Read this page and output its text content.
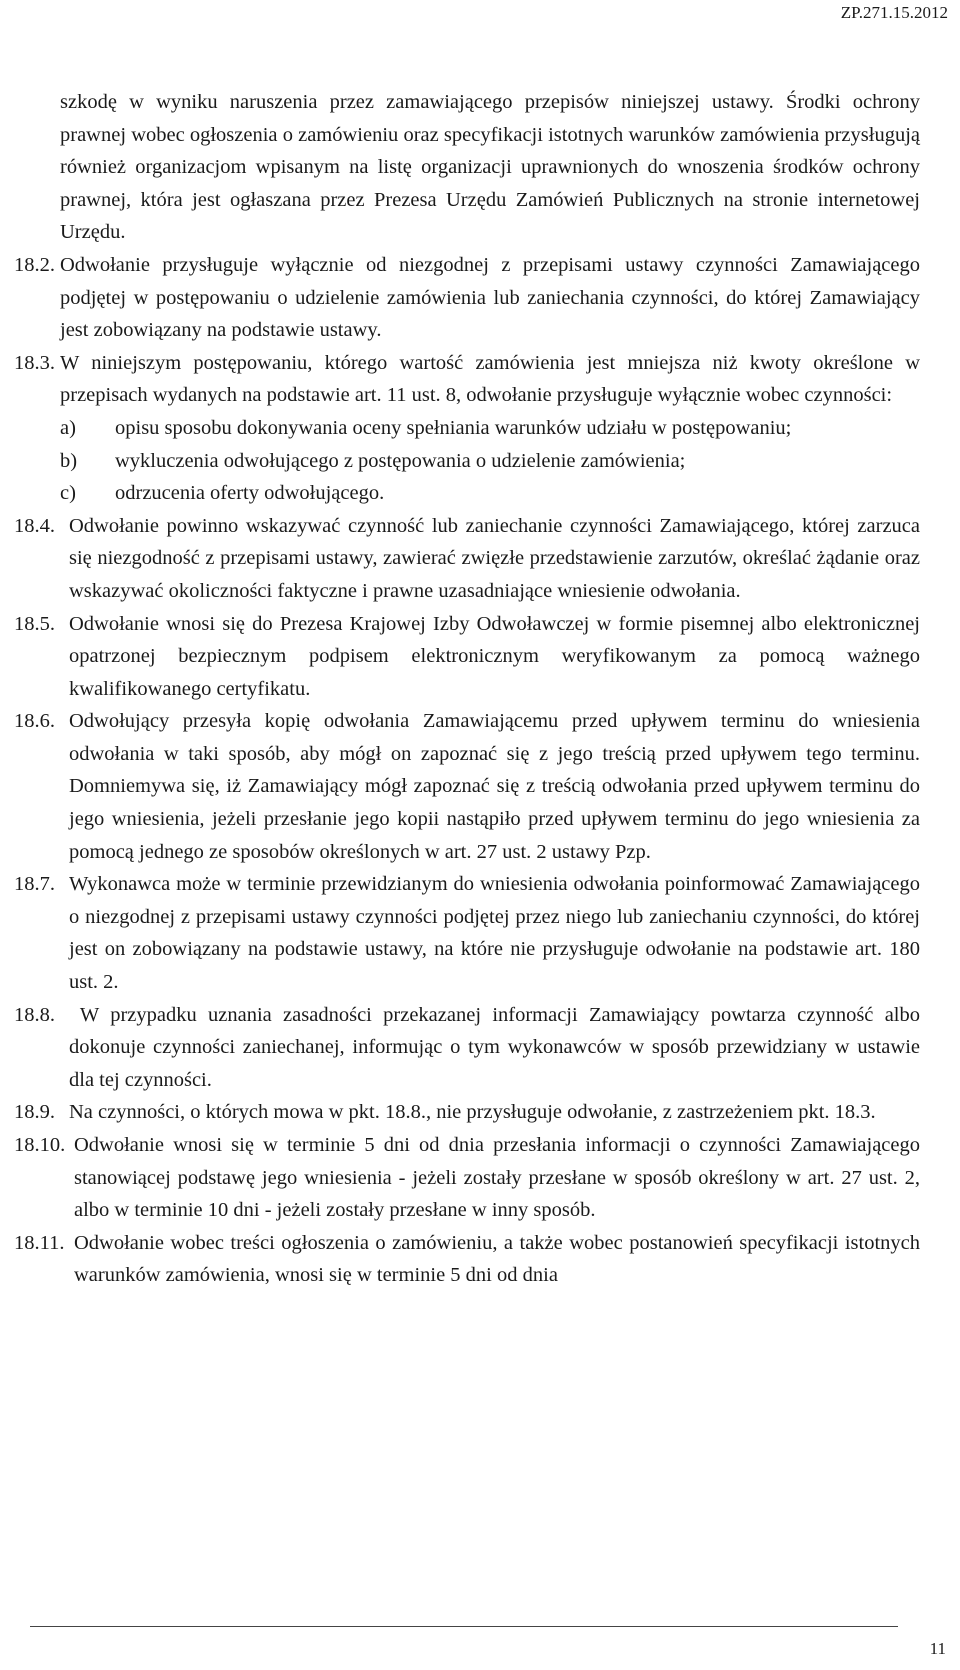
ZP.271.15.2012
szkodę w wyniku naruszenia przez zamawiającego przepisów niniejszej ustawy. Środki ochrony prawnej wobec ogłoszenia o zamówieniu oraz specyfikacji istotnych warunków zamówienia przysługują również organizacjom wpisanym na listę organizacji uprawnionych do wnoszenia środków ochrony prawnej, która jest ogłaszana przez Prezesa Urzędu Zamówień Publicznych na stronie internetowej Urzędu.
18.2. Odwołanie przysługuje wyłącznie od niezgodnej z przepisami ustawy czynności Zamawiającego podjętej w postępowaniu o udzielenie zamówienia lub zaniechania czynności, do której Zamawiający jest zobowiązany na podstawie ustawy.
18.3. W niniejszym postępowaniu, którego wartość zamówienia jest mniejsza niż kwoty określone w przepisach wydanych na podstawie art. 11 ust. 8, odwołanie przysługuje wyłącznie wobec czynności:
a) opisu sposobu dokonywania oceny spełniania warunków udziału w postępowaniu;
b) wykluczenia odwołującego z postępowania o udzielenie zamówienia;
c) odrzucenia oferty odwołującego.
18.4. Odwołanie powinno wskazywać czynność lub zaniechanie czynności Zamawiającego, której zarzuca się niezgodność z przepisami ustawy, zawierać zwięzłe przedstawienie zarzutów, określać żądanie oraz wskazywać okoliczności faktyczne i prawne uzasadniające wniesienie odwołania.
18.5. Odwołanie wnosi się do Prezesa Krajowej Izby Odwoławczej w formie pisemnej albo elektronicznej opatrzonej bezpiecznym podpisem elektronicznym weryfikowanym za pomocą ważnego kwalifikowanego certyfikatu.
18.6. Odwołujący przesyła kopię odwołania Zamawiającemu przed upływem terminu do wniesienia odwołania w taki sposób, aby mógł on zapoznać się z jego treścią przed upływem tego terminu. Domniemywa się, iż Zamawiający mógł zapoznać się z treścią odwołania przed upływem terminu do jego wniesienia, jeżeli przesłanie jego kopii nastąpiło przed upływem terminu do jego wniesienia za pomocą jednego ze sposobów określonych w art. 27 ust. 2 ustawy Pzp.
18.7. Wykonawca może w terminie przewidzianym do wniesienia odwołania poinformować Zamawiającego o niezgodnej z przepisami ustawy czynności podjętej przez niego lub zaniechaniu czynności, do której jest on zobowiązany na podstawie ustawy, na które nie przysługuje odwołanie na podstawie art. 180 ust. 2.
18.8. W przypadku uznania zasadności przekazanej informacji Zamawiający powtarza czynność albo dokonuje czynności zaniechanej, informując o tym wykonawców w sposób przewidziany w ustawie dla tej czynności.
18.9. Na czynności, o których mowa w pkt. 18.8., nie przysługuje odwołanie, z zastrzeżeniem pkt. 18.3.
18.10. Odwołanie wnosi się w terminie 5 dni od dnia przesłania informacji o czynności Zamawiającego stanowiącej podstawę jego wniesienia - jeżeli zostały przesłane w sposób określony w art. 27 ust. 2, albo w terminie 10 dni - jeżeli zostały przesłane w inny sposób.
18.11. Odwołanie wobec treści ogłoszenia o zamówieniu, a także wobec postanowień specyfikacji istotnych warunków zamówienia, wnosi się w terminie 5 dni od dnia
11
